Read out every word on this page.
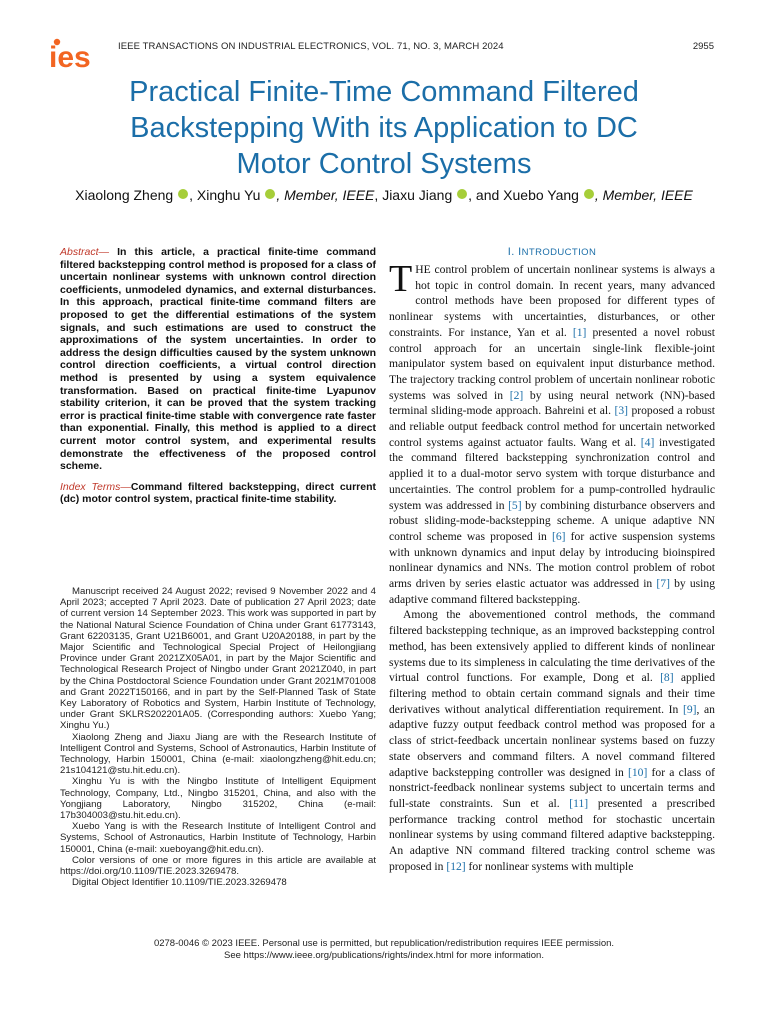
ies	IEEE TRANSACTIONS ON INDUSTRIAL ELECTRONICS, VOL. 71, NO. 3, MARCH 2024	2955
Practical Finite-Time Command Filtered
Backstepping With its Application to DC
Motor Control Systems
Xiaolong Zheng , Xinghu Yu , Member, IEEE, Jiaxu Jiang , and Xuebo Yang , Member, IEEE

Abstract— In this article, a practical finite-time command filtered backstepping control method is proposed for a class of uncertain nonlinear systems with unknown control direction coefficients, unmodeled dynamics, and external disturbances. In this approach, practical finite-time command filters are proposed to get the differential estimations of the system signals, and such estimations are used to construct the approximations of the system uncertainties. In order to address the design difficulties caused by the system unknown control direction coefficients, a virtual control direction method is presented by using a system equivalence transformation. Based on practical finite-time Lyapunov stability criterion, it can be proved that the system tracking error is practical finite-time stable with convergence rate faster than exponential. Finally, this method is applied to a direct current motor control system, and experimental results demonstrate the effectiveness of the proposed control scheme.

Index Terms—Command filtered backstepping, direct current (dc) motor control system, practical finite-time stability.

Manuscript received 24 August 2022; revised 9 November 2022 and 4 April 2023; accepted 7 April 2023. Date of publication 27 April 2023; date of current version 14 September 2023. This work was supported in part by the National Natural Science Foundation of China under Grant 61773143, Grant 62203135, Grant U21B6001, and Grant U20A20188, in part by the Major Scientific and Technological Special Project of Heilongjiang Province under Grant 2021ZX05A01, in part by the Major Scientific and Technological Research Project of Ningbo under Grant 2021Z040, in part by the China Postdoctoral Science Foundation under Grant 2021M701008 and Grant 2022T150166, and in part by the Self-Planned Task of State Key Laboratory of Robotics and System, Harbin Institute of Technology, under Grant SKLRS202201A05. (Corresponding authors: Xuebo Yang; Xinghu Yu.)

Xiaolong Zheng and Jiaxu Jiang are with the Research Institute of Intelligent Control and Systems, School of Astronautics, Harbin Institute of Technology, Harbin 150001, China (e-mail: xiaolongzheng@hit.edu.cn; 21s104121@stu.hit.edu.cn).

Xinghu Yu is with the Ningbo Institute of Intelligent Equipment Technology, Company, Ltd., Ningbo 315201, China, and also with the Yongjiang Laboratory, Ningbo 315202, China (e-mail: 17b304003@stu.hit.edu.cn).

Xuebo Yang is with the Research Institute of Intelligent Control and Systems, School of Astronautics, Harbin Institute of Technology, Harbin 150001, China (e-mail: xueboyang@hit.edu.cn).

Color versions of one or more figures in this article are available at https://doi.org/10.1109/TIE.2023.3269478.

Digital Object Identifier 10.1109/TIE.2023.3269478

I. INTRODUCTION

THE control problem of uncertain nonlinear systems is always a hot topic in control domain. In recent years, many advanced control methods have been proposed for different types of nonlinear systems with uncertainties, disturbances, or other constraints. For instance, Yan et al. [1] presented a novel robust control approach for an uncertain single-link flexible-joint manipulator system based on equivalent input disturbance method. The trajectory tracking control problem of uncertain nonlinear robotic systems was solved in [2] by using neural network (NN)-based terminal sliding-mode approach. Bahreini et al. [3] proposed a robust and reliable output feedback control method for uncertain networked control systems against actuator faults. Wang et al. [4] investigated the command filtered backstepping synchronization control and applied it to a dual-motor servo system with torque disturbance and uncertainties. The control problem for a pump-controlled hydraulic system was addressed in [5] by combining disturbance observers and robust sliding-mode-backstepping scheme. A unique adaptive NN control scheme was proposed in [6] for active suspension systems with unknown dynamics and input delay by introducing bioinspired nonlinear dynamics and NNs. The motion control problem of robot arms driven by series elastic actuator was addressed in [7] by using adaptive command filtered backstepping.

Among the abovementioned control methods, the command filtered backstepping technique, as an improved backstepping control method, has been extensively applied to different kinds of nonlinear systems due to its simpleness in calculating the time derivatives of the virtual control functions. For example, Dong et al. [8] applied filtering method to obtain certain command signals and their time derivatives without analytical differentiation requirement. In [9], an adaptive fuzzy output feedback control method was proposed for a class of strict-feedback uncertain nonlinear systems based on fuzzy state observers and command filters. A novel command filtered adaptive backstepping controller was designed in [10] for a class of nonstrict-feedback nonlinear systems subject to uncertain terms and full-state constraints. Sun et al. [11] presented a prescribed performance tracking control method for stochastic uncertain nonlinear systems by using command filtered adaptive backstepping. An adaptive NN command filtered tracking control scheme was proposed in [12] for nonlinear systems with multiple

0278-0046 © 2023 IEEE. Personal use is permitted, but republication/redistribution requires IEEE permission.
See https://www.ieee.org/publications/rights/index.html for more information.
